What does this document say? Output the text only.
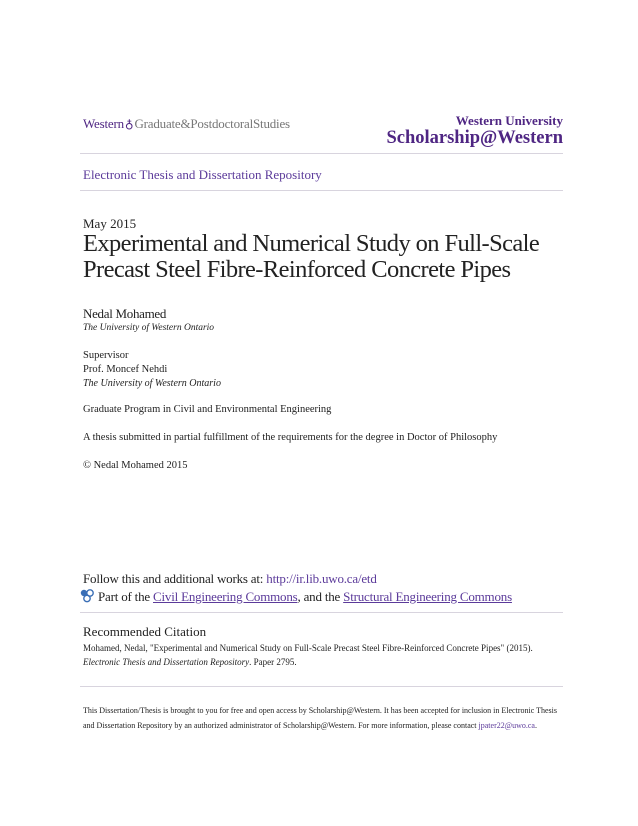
Western♁Graduate&PostdoctoralStudies	Western University
Scholarship@Western
Electronic Thesis and Dissertation Repository
May 2015
Experimental and Numerical Study on Full-Scale Precast Steel Fibre-Reinforced Concrete Pipes
Nedal Mohamed
The University of Western Ontario
Supervisor
Prof. Moncef Nehdi
The University of Western Ontario
Graduate Program in Civil and Environmental Engineering
A thesis submitted in partial fulfillment of the requirements for the degree in Doctor of Philosophy
© Nedal Mohamed 2015
Follow this and additional works at: http://ir.lib.uwo.ca/etd
Part of the Civil Engineering Commons, and the Structural Engineering Commons
Recommended Citation
Mohamed, Nedal, "Experimental and Numerical Study on Full-Scale Precast Steel Fibre-Reinforced Concrete Pipes" (2015). Electronic Thesis and Dissertation Repository. Paper 2795.
This Dissertation/Thesis is brought to you for free and open access by Scholarship@Western. It has been accepted for inclusion in Electronic Thesis and Dissertation Repository by an authorized administrator of Scholarship@Western. For more information, please contact jpater22@uwo.ca.
